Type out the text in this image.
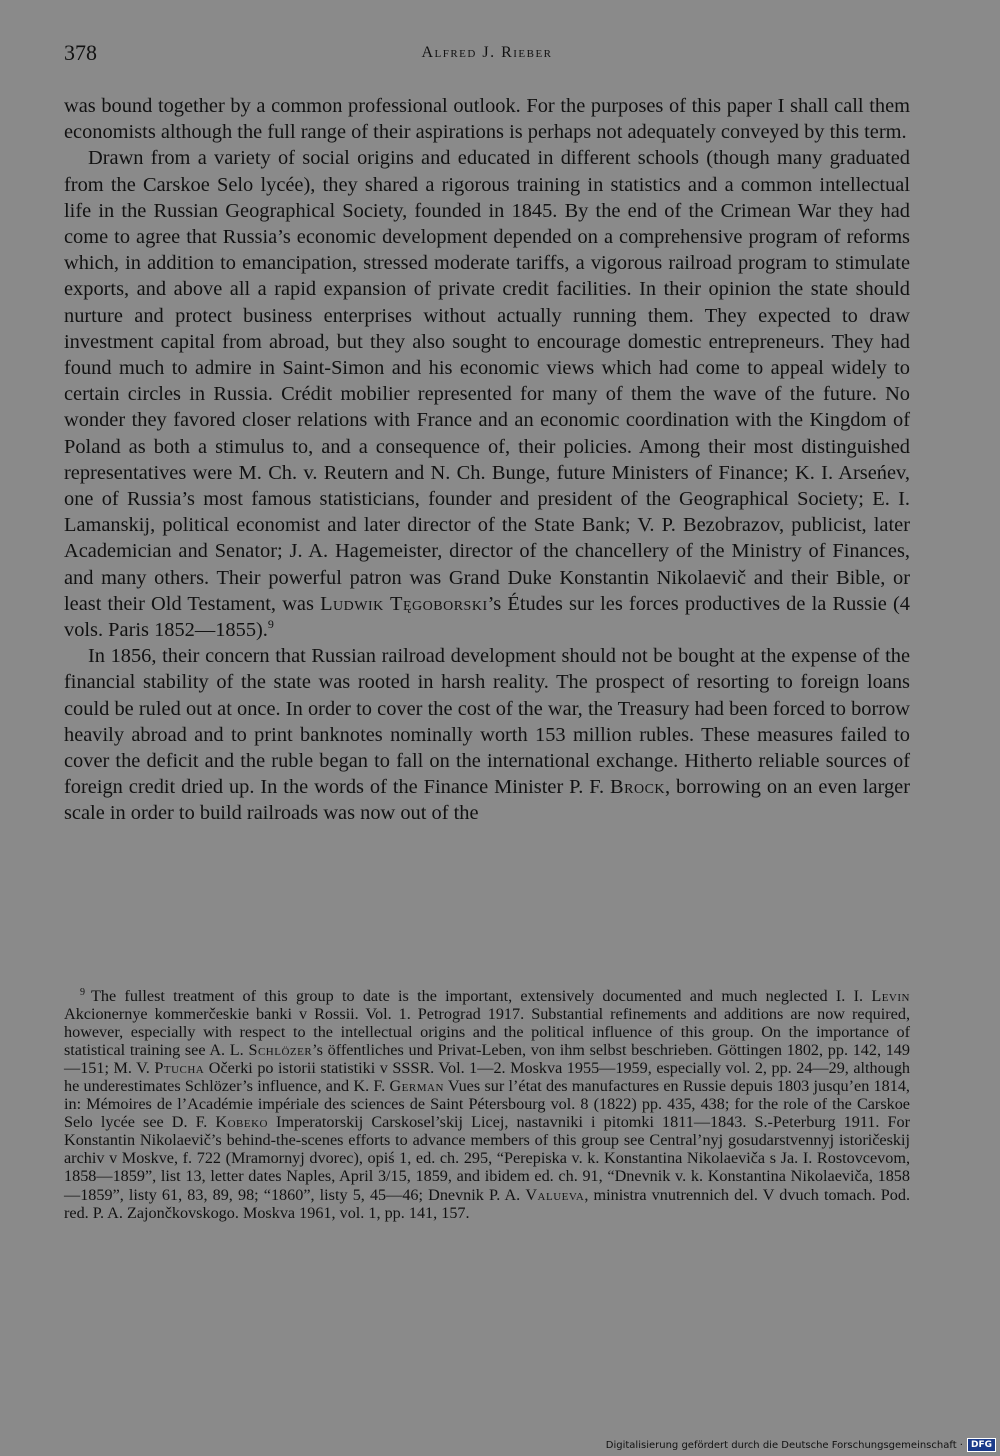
378	Alfred J. Rieber

was bound together by a common professional outlook. For the purposes of this paper I shall call them economists although the full range of their aspirations is perhaps not adequately conveyed by this term.

Drawn from a variety of social origins and educated in different schools (though many graduated from the Carskoe Selo lycée), they shared a rigorous training in statistics and a common intellectual life in the Russian Geographical Society, founded in 1845. By the end of the Crimean War they had come to agree that Russia’s economic development depended on a comprehensive program of reforms which, in addition to emancipation, stressed moderate tariffs, a vigorous railroad program to stimulate exports, and above all a rapid expansion of private credit facilities. In their opinion the state should nurture and protect business enterprises without actually running them. They expected to draw investment capital from abroad, but they also sought to encourage domestic entrepreneurs. They had found much to admire in Saint-Simon and his economic views which had come to appeal widely to certain circles in Russia. Crédit mobilier represented for many of them the wave of the future. No wonder they favored closer relations with France and an economic coordination with the Kingdom of Poland as both a stimulus to, and a consequence of, their policies. Among their most distinguished representatives were M. Ch. v. Reutern and N. Ch. Bunge, future Ministers of Finance; K. I. Arseńev, one of Russia’s most famous statisticians, founder and president of the Geographical Society; E. I. Lamanskij, political economist and later director of the State Bank; V. P. Bezobrazov, publicist, later Academician and Senator; J. A. Hagemeister, director of the chancellery of the Ministry of Finances, and many others. Their powerful patron was Grand Duke Konstantin Nikolaevič and their Bible, or least their Old Testament, was Ludwik Tęgoborski’s Études sur les forces productives de la Russie (4 vols. Paris 1852—1855).$^9$

In 1856, their concern that Russian railroad development should not be bought at the expense of the financial stability of the state was rooted in harsh reality. The prospect of resorting to foreign loans could be ruled out at once. In order to cover the cost of the war, the Treasury had been forced to borrow heavily abroad and to print banknotes nominally worth 153 million rubles. These measures failed to cover the deficit and the ruble began to fall on the international exchange. Hitherto reliable sources of foreign credit dried up. In the words of the Finance Minister P. F. Brock, borrowing on an even larger scale in order to build railroads was now out of the

$^9$ The fullest treatment of this group to date is the important, extensively documented and much neglected I. I. Levin Akcionernye kommerčeskie banki v Rossii. Vol. 1. Petrograd 1917. Substantial refinements and additions are now required, however, especially with respect to the intellectual origins and the political influence of this group. On the importance of statistical training see A. L. Schlözer’s öffentliches und Privat-Leben, von ihm selbst beschrieben. Göttingen 1802, pp. 142, 149—151; M. V. Ptucha Očerki po istorii statistiki v SSSR. Vol. 1—2. Moskva 1955—1959, especially vol. 2, pp. 24—29, although he underestimates Schlözer’s influence, and K. F. German Vues sur l’état des manufactures en Russie depuis 1803 jusqu’en 1814, in: Mémoires de l’Académie impériale des sciences de Saint Pétersbourg vol. 8 (1822) pp. 435, 438; for the role of the Carskoe Selo lycée see D. F. Kobeko Imperatorskij Carskosel’skij Licej, nastavniki i pitomki 1811—1843. S.-Peterburg 1911. For Konstantin Nikolaevič’s behind-the-scenes efforts to advance members of this group see Central’nyj gosudarstvennyj istoričeskij archiv v Moskve, f. 722 (Mramornyj dvorec), opiś 1, ed. ch. 295, “Perepiska v. k. Konstantina Nikolaeviča s Ja. I. Rostovcevom, 1858—1859”, list 13, letter dates Naples, April 3/15, 1859, and ibidem ed. ch. 91, “Dnevnik v. k. Konstantina Nikolaeviča, 1858—1859”, listy 61, 83, 89, 98; “1860”, listy 5, 45—46; Dnevnik P. A. Valueva, ministra vnutrennich del. V dvuch tomach. Pod. red. P. A. Zajončkovskogo. Moskva 1961, vol. 1, pp. 141, 157.

Digitalisierung gefördert durch die Deutsche Forschungsgemeinschaft · DFG
